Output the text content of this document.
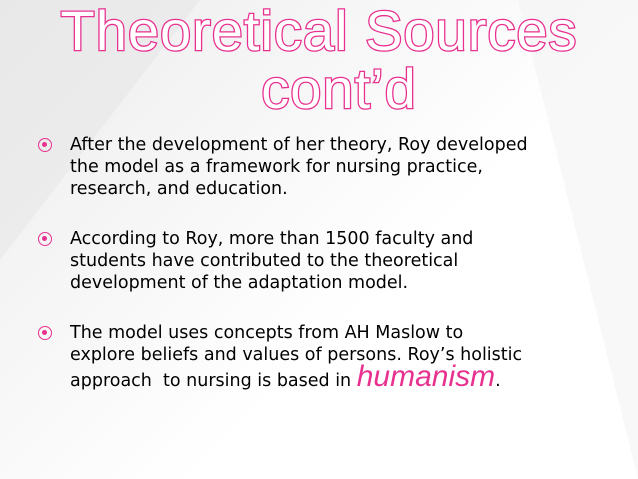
Theoretical Sources
cont’d
After the development of her theory, Roy developed
the model as a framework for nursing practice,
research, and education.
According to Roy, more than 1500 faculty and
students have contributed to the theoretical
development of the adaptation model.
The model uses concepts from AH Maslow to
explore beliefs and values of persons. Roy’s holistic
approach  to nursing is based in humanism.
